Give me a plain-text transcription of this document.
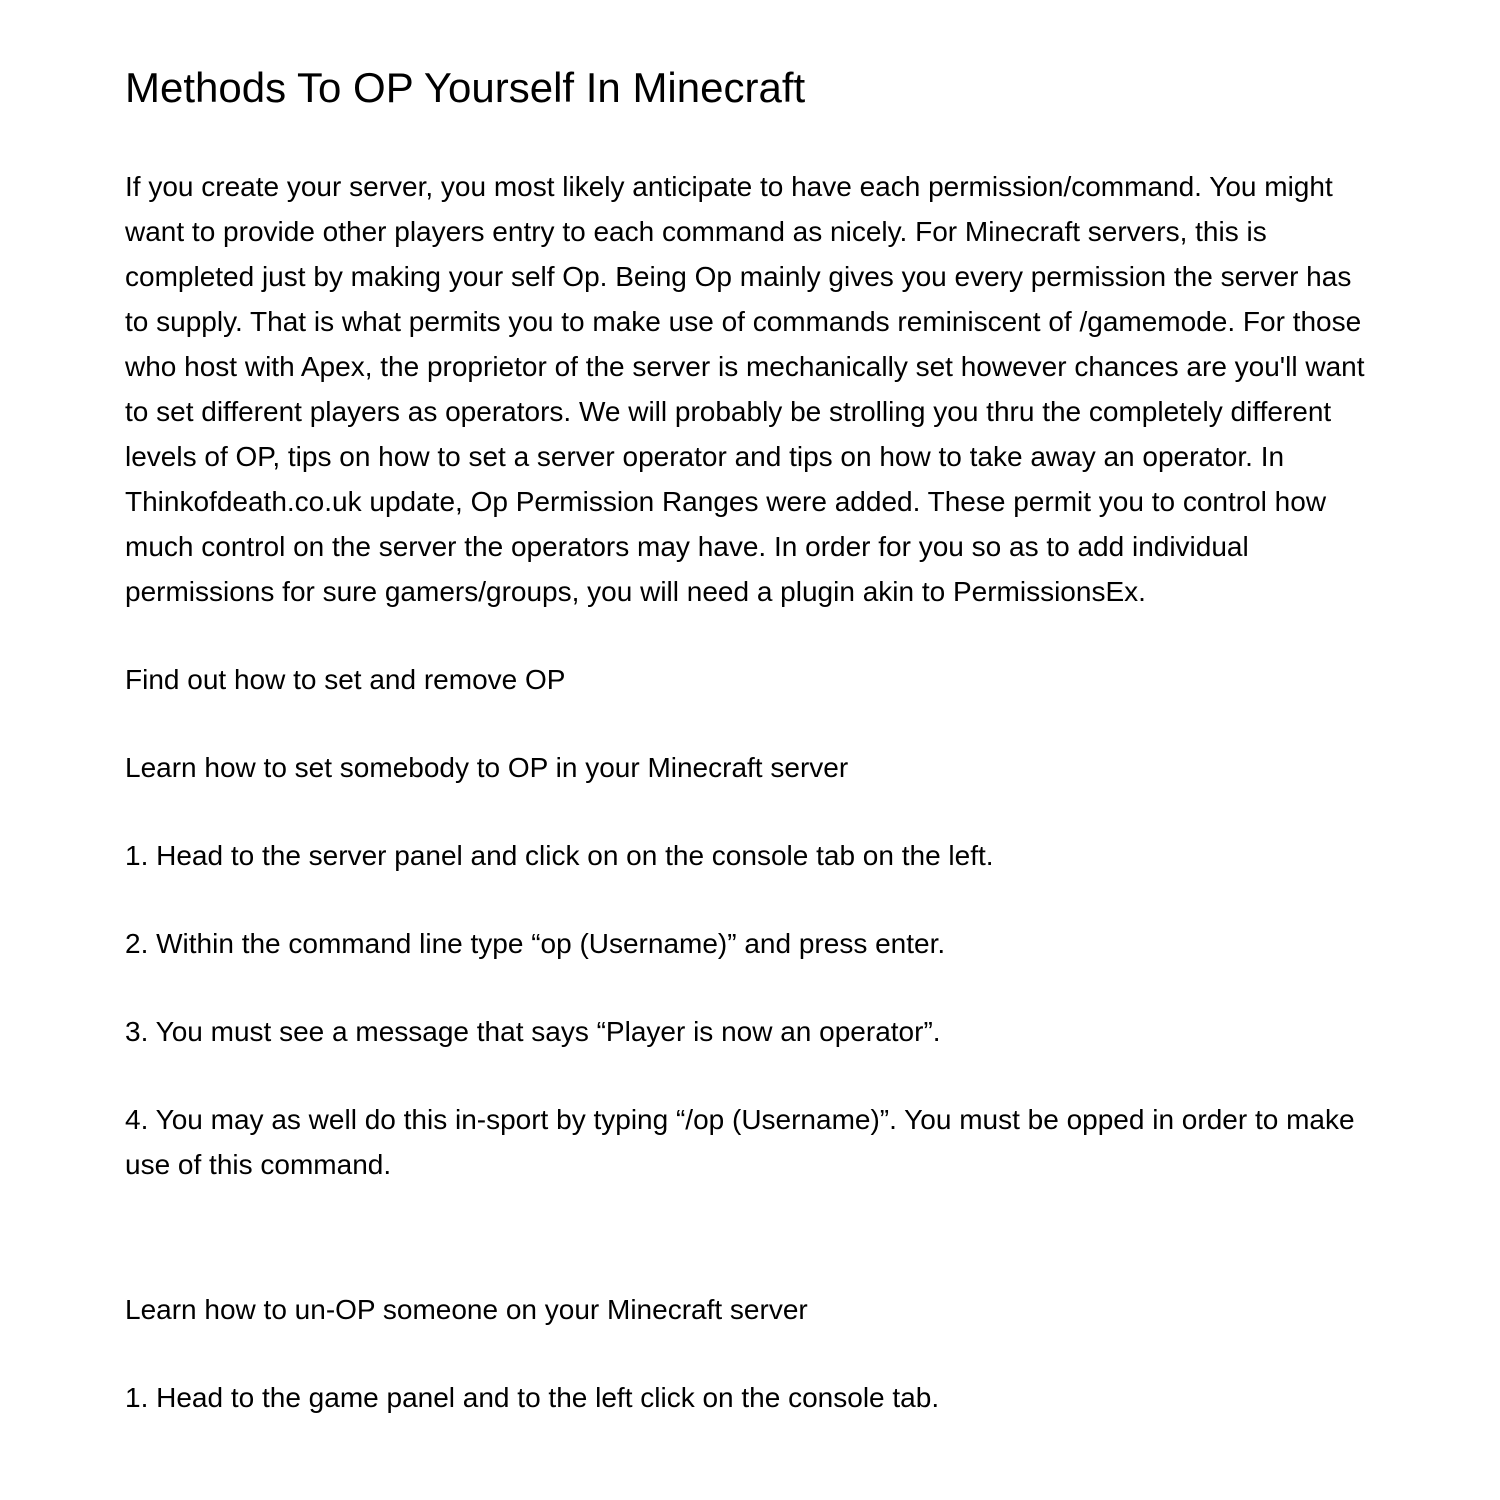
Methods To OP Yourself In Minecraft

If you create your server, you most likely anticipate to have each permission/command. You might want to provide other players entry to each command as nicely. For Minecraft servers, this is completed just by making your self Op. Being Op mainly gives you every permission the server has to supply. That is what permits you to make use of commands reminiscent of /gamemode. For those who host with Apex, the proprietor of the server is mechanically set however chances are you'll want to set different players as operators. We will probably be strolling you thru the completely different levels of OP, tips on how to set a server operator and tips on how to take away an operator. In Thinkofdeath.co.uk update, Op Permission Ranges were added. These permit you to control how much control on the server the operators may have. In order for you so as to add individual permissions for sure gamers/groups, you will need a plugin akin to PermissionsEx.

Find out how to set and remove OP

Learn how to set somebody to OP in your Minecraft server

1. Head to the server panel and click on on the console tab on the left.

2. Within the command line type “op (Username)” and press enter.

3. You must see a message that says “Player is now an operator”.

4. You may as well do this in-sport by typing “/op (Username)”. You must be opped in order to make use of this command.

Learn how to un-OP someone on your Minecraft server

1. Head to the game panel and to the left click on the console tab.
